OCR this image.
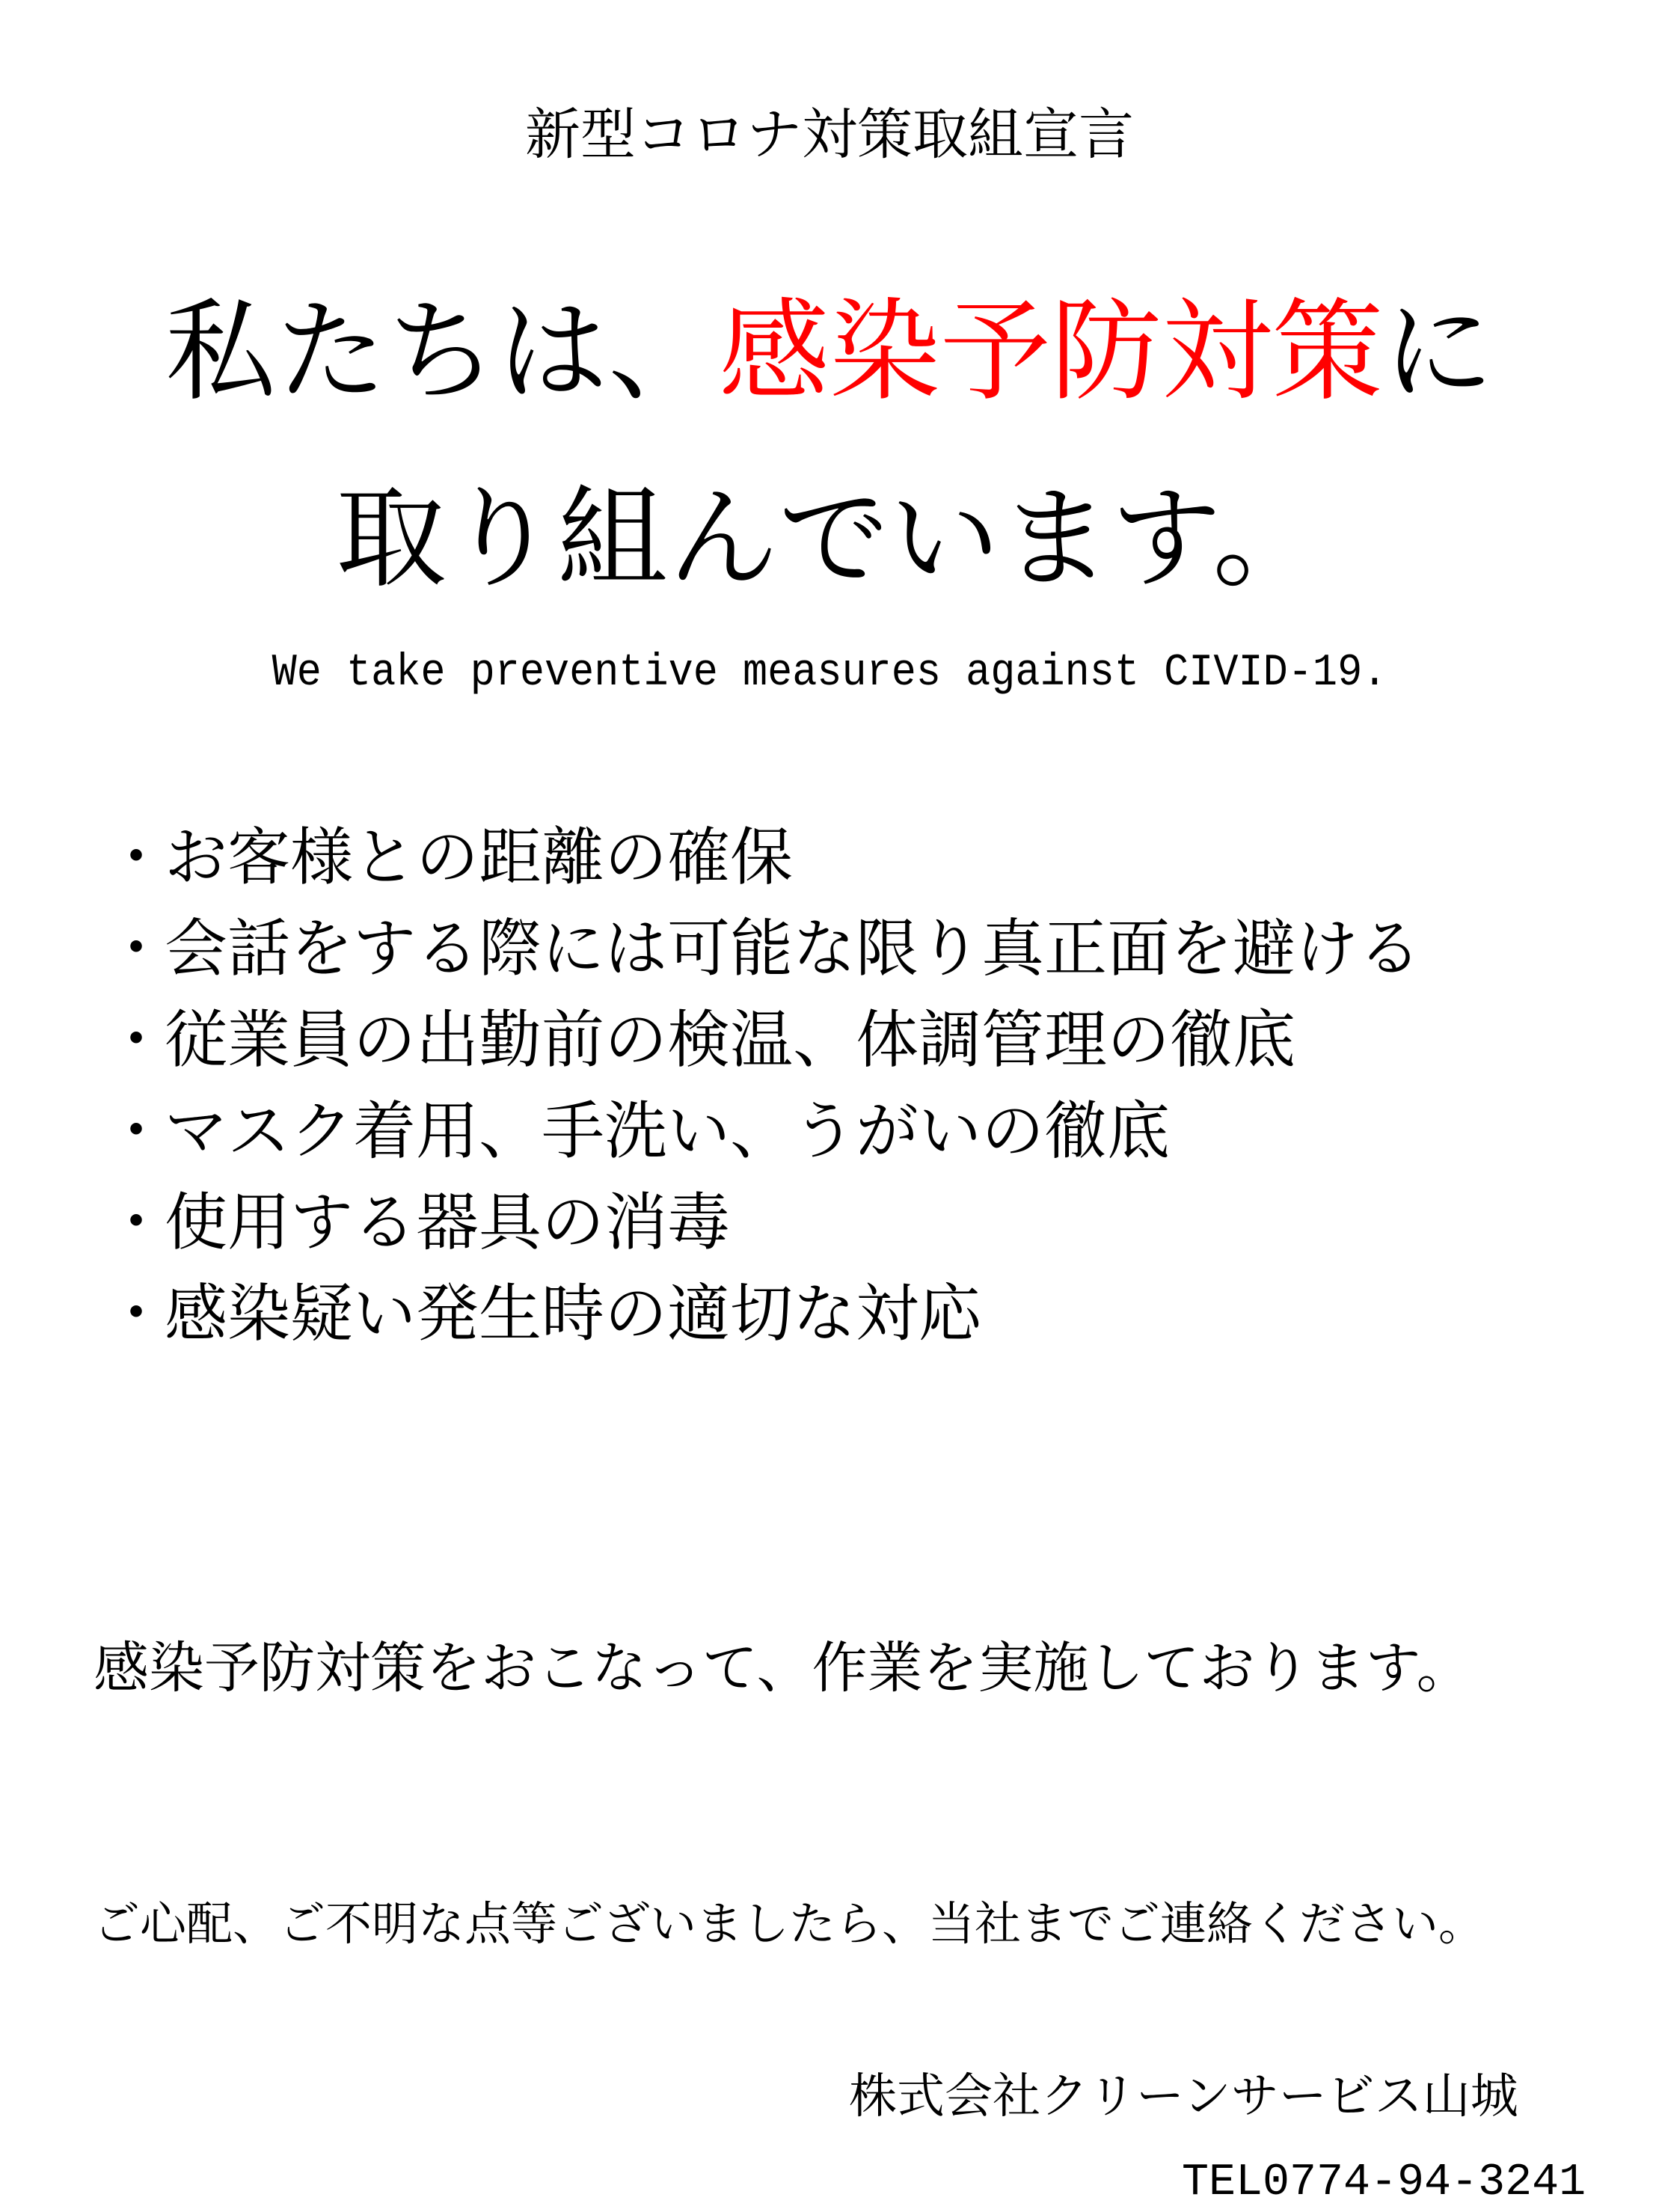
新型コロナ対策取組宣言
私たちは、感染予防対策に
取り組んでいます。
We take preventive measures against CIVID-19.
・
お客様との距離の確保
・
会話をする際には可能な限り真正面を避ける
・
従業員の出勤前の検温、体調管理の徹底
・
マスク着用、手洗い、うがいの徹底
・
使用する器具の消毒
・
感染疑い発生時の適切な対応
感染予防対策をおこなって、作業を実施しております。
ご心配、ご不明な点等ございましたら、当社までご連絡ください。
株式会社クリーンサービス山城
TEL0774-94-3241
